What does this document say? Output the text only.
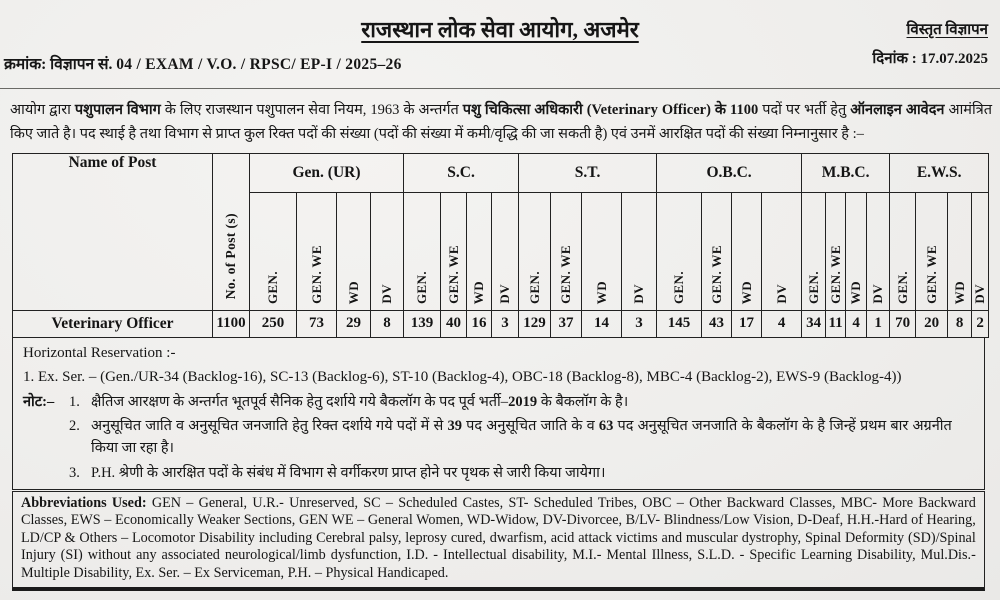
राजस्थान लोक सेवा आयोग, अजमेर	विस्तृत विज्ञापन
दिनांक : 17.07.2025
क्रमांक: विज्ञापन सं. 04 / EXAM / V.O. / RPSC/ EP-I / 2025–26

आयोग द्वारा पशुपालन विभाग के लिए राजस्थान पशुपालन सेवा नियम, 1963 के अन्तर्गत पशु चिकित्सा अधिकारी (Veterinary Officer) के 1100 पदों पर भर्ती हेतु ऑनलाइन आवेदन आमंत्रित किए जाते है। पद स्थाई है तथा विभाग से प्राप्त कुल रिक्त पदों की संख्या (पदों की संख्या में कमी/वृद्धि की जा सकती है) एवं उनमें आरक्षित पदों की संख्या निम्नानुसार है :–

Name of Post	No. of Post (s)	Gen. (UR)				S.C.				S.T.				O.B.C.				M.B.C.				E.W.S.			

		GEN.	GEN. WE	WD	DV	GEN.	GEN. WE	WD	DV	GEN.	GEN. WE	WD	DV	GEN.	GEN. WE	WD	DV	GEN.	GEN. WE	WD	DV	GEN.	GEN. WE	WD	DV

Veterinary Officer	1100	250	73	29	8	139	40	16	3	129	37	14	3	145	43	17	4	34	11	4	1	70	20	8	2
Horizontal Reservation :-
1. Ex. Ser. – (Gen./UR-34 (Backlog-16), SC-13 (Backlog-6), ST-10 (Backlog-4), OBC-18 (Backlog-8), MBC-4 (Backlog-2), EWS-9 (Backlog-4))
नोट:–	1. क्षैतिज आरक्षण के अन्तर्गत भूतपूर्व सैनिक हेतु दर्शाये गये बैकलॉग के पद पूर्व भर्ती–2019 के बैकलॉग के है।
2. अनुसूचित जाति व अनुसूचित जनजाति हेतु रिक्त दर्शाये गये पदों में से 39 पद अनुसूचित जाति के व 63 पद अनुसूचित जनजाति के बैकलॉग के है जिन्हें प्रथम बार अग्रनीत किया जा रहा है।
3. P.H. श्रेणी के आरक्षित पदों के संबंध में विभाग से वर्गीकरण प्राप्त होने पर पृथक से जारी किया जायेगा।
Abbreviations Used: GEN – General, U.R.- Unreserved, SC – Scheduled Castes, ST- Scheduled Tribes, OBC – Other Backward Classes, MBC- More Backward Classes, EWS – Economically Weaker Sections, GEN WE – General Women, WD-Widow, DV-Divorcee, B/LV- Blindness/Low Vision, D-Deaf, H.H.-Hard of Hearing, LD/CP & Others – Locomotor Disability including Cerebral palsy, leprosy cured, dwarfism, acid attack victims and muscular dystrophy, Spinal Deformity (SD)/Spinal Injury (SI) without any associated neurological/limb dysfunction, I.D. - Intellectual disability, M.I.- Mental Illness, S.L.D. - Specific Learning Disability, Mul.Dis.- Multiple Disability, Ex. Ser. – Ex Serviceman, P.H. – Physical Handicaped.
